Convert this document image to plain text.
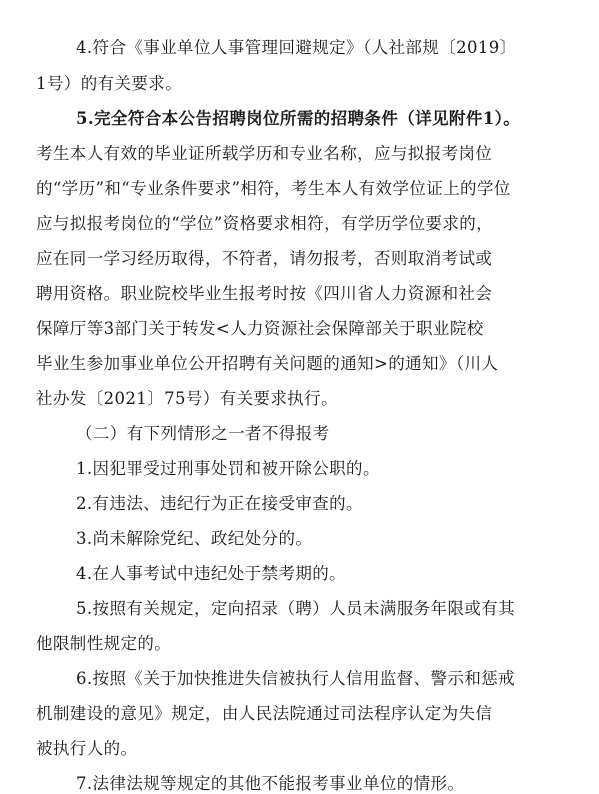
4.符合《事业单位人事管理回避规定》（人社部规〔2019〕
1号）的有关要求。
5.完全符合本公告招聘岗位所需的招聘条件（详见附件1）。
考生本人有效的毕业证所载学历和专业名称，应与拟报考岗位
的“学历”和“专业条件要求”相符，考生本人有效学位证上的学位
应与拟报考岗位的“学位”资格要求相符，有学历学位要求的，
应在同一学习经历取得，不符者，请勿报考，否则取消考试或
聘用资格。职业院校毕业生报考时按《四川省人力资源和社会
保障厅等3部门关于转发<人力资源社会保障部关于职业院校
毕业生参加事业单位公开招聘有关问题的通知>的通知》（川人
社办发〔2021〕75号）有关要求执行。
（二）有下列情形之一者不得报考
1.因犯罪受过刑事处罚和被开除公职的。
2.有违法、违纪行为正在接受审查的。
3.尚未解除党纪、政纪处分的。
4.在人事考试中违纪处于禁考期的。
5.按照有关规定，定向招录（聘）人员未满服务年限或有其
他限制性规定的。
6.按照《关于加快推进失信被执行人信用监督、警示和惩戒
机制建设的意见》规定，由人民法院通过司法程序认定为失信
被执行人的。
7.法律法规等规定的其他不能报考事业单位的情形。
